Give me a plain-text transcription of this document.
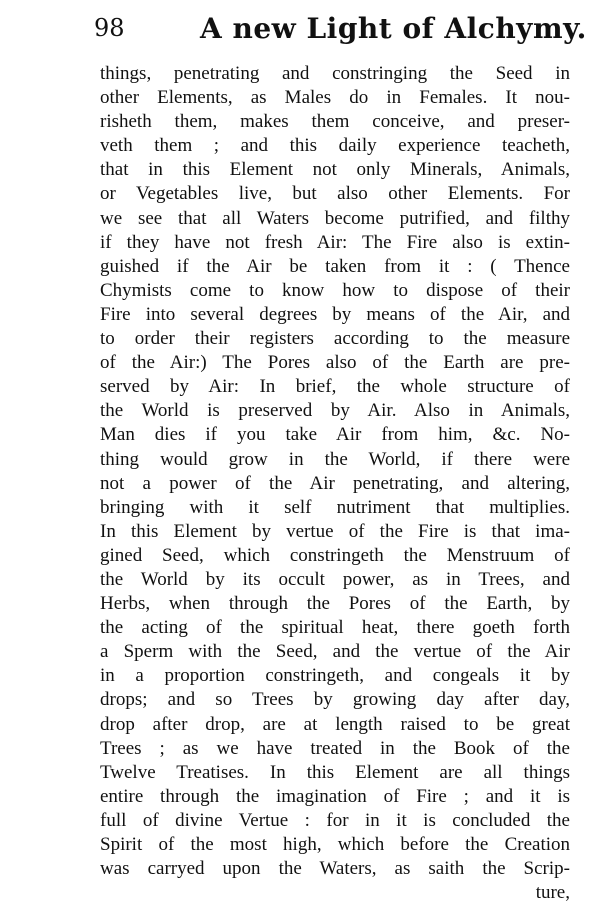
98	A new Light of Alchymy.
things, penetrating and constringing the Seed in
other Elements, as Males do in Females. It nou-
risheth them, makes them conceive, and preser-
veth them ; and this daily experience teacheth,
that in this Element not only Minerals, Animals,
or Vegetables live, but also other Elements. For
we see that all Waters become putrified, and filthy
if they have not fresh Air: The Fire also is extin-
guished if the Air be taken from it : ( Thence
Chymists come to know how to dispose of their
Fire into several degrees by means of the Air, and
to order their registers according to the measure
of the Air:) The Pores also of the Earth are pre-
served by Air: In brief, the whole structure of
the World is preserved by Air. Also in Animals,
Man dies if you take Air from him, &c. No-
thing would grow in the World, if there were
not a power of the Air penetrating, and altering,
bringing with it self nutriment that multiplies.
In this Element by vertue of the Fire is that ima-
gined Seed, which constringeth the Menstruum of
the World by its occult power, as in Trees, and
Herbs, when through the Pores of the Earth, by
the acting of the spiritual heat, there goeth forth
a Sperm with the Seed, and the vertue of the Air
in a proportion constringeth, and congeals it by
drops; and so Trees by growing day after day,
drop after drop, are at length raised to be great
Trees ; as we have treated in the Book of the
Twelve Treatises. In this Element are all things
entire through the imagination of Fire ; and it is
full of divine Vertue : for in it is concluded the
Spirit of the most high, which before the Creation
was carryed upon the Waters, as saith the Scrip-
ture,
